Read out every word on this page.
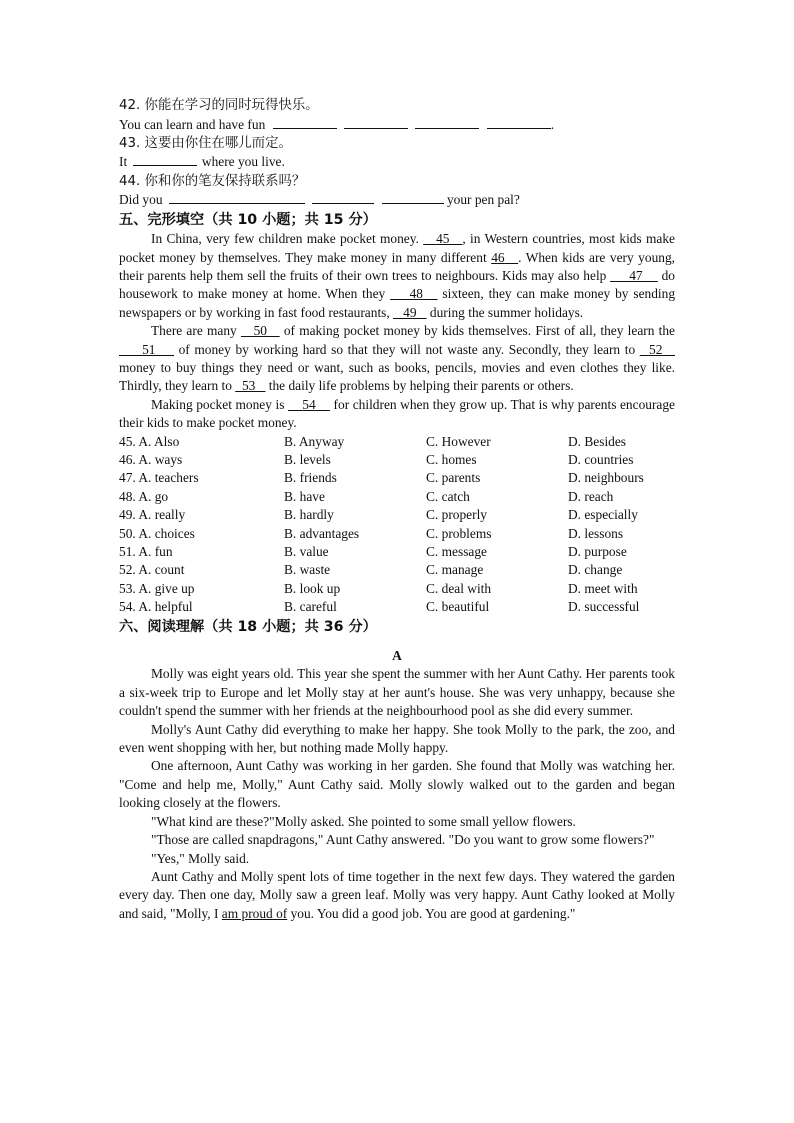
42. 你能在学习的同时玩得快乐。
You can learn and have fun	.
43. 这要由你住在哪儿而定。
It	where you live.
44. 你和你的笔友保持联系吗？
Did you	your pen pal?
五、完形填空（共 10 小题；共 15 分）

In China, very few children make pocket money.    45 , in Western countries, most kids make pocket money by themselves. They make money in many different 46 . When kids are very young, their parents help them sell the fruits of their own trees to neighbours. Kids may also help      47     do housework to make money at home. When they     48    sixteen, they can make money by sending newspapers or by working in fast food restaurants,    49    during the summer holidays.

There are many    50    of making pocket money by kids themselves. First of all, they learn the      51     of money by working hard so that they will not waste any. Secondly, they learn to   52    money to buy things they need or want, such as books, pencils, movies and even clothes they like. Thirdly, they learn to   53    the daily life problems by helping their parents or others.

Making pocket money is     54     for children when they grow up. That is why parents encourage their kids to make pocket money.

45. A. Also	B. Anyway	C. However	D. Besides
46. A. ways	B. levels	C. homes	D. countries
47. A. teachers	B. friends	C. parents	D. neighbours
48. A. go	B. have	C. catch	D. reach
49. A. really	B. hardly	C. properly	D. especially
50. A. choices	B. advantages	C. problems	D. lessons
51. A. fun	B. value	C. message	D. purpose
52. A. count	B. waste	C. manage	D. change
53. A. give up	B. look up	C. deal with	D. meet with
54. A. helpful	B. careful	C. beautiful	D. successful
六、阅读理解（共 18 小题；共 36 分）
A

Molly was eight years old. This year she spent the summer with her Aunt Cathy. Her parents took a six-week trip to Europe and let Molly stay at her aunt's house. She was very unhappy, because she couldn't spend the summer with her friends at the neighbourhood pool as she did every summer.

Molly's Aunt Cathy did everything to make her happy. She took Molly to the park, the zoo, and even went shopping with her, but nothing made Molly happy.

One afternoon, Aunt Cathy was working in her garden. She found that Molly was watching her. "Come and help me, Molly," Aunt Cathy said. Molly slowly walked out to the garden and began looking closely at the flowers.

"What kind are these?"Molly asked. She pointed to some small yellow flowers.

"Those are called snapdragons," Aunt Cathy answered. "Do you want to grow some flowers?"

"Yes," Molly said.

Aunt Cathy and Molly spent lots of time together in the next few days. They watered the garden every day. Then one day, Molly saw a green leaf. Molly was very happy. Aunt Cathy looked at Molly and said, "Molly, I am proud of you. You did a good job. You are good at gardening."
